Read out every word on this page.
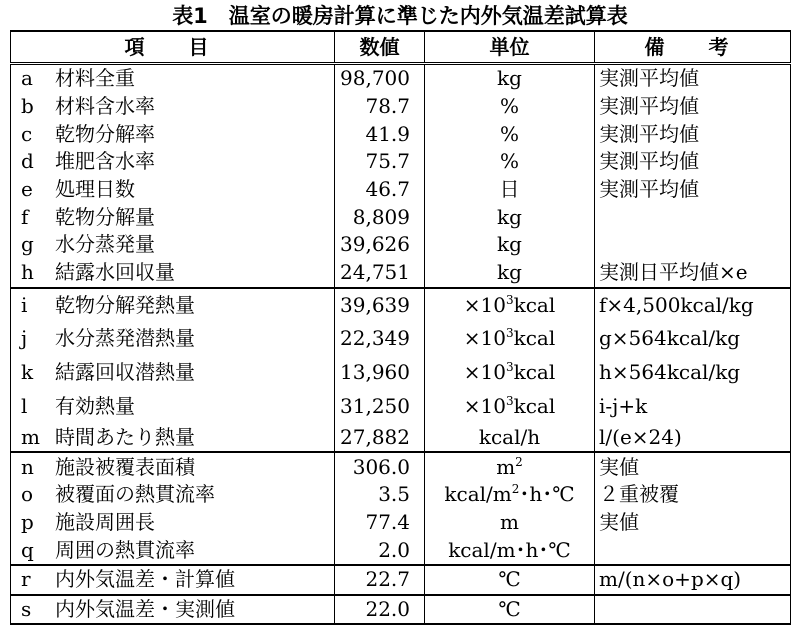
表1　温室の暖房計算に準じた内外気温差試算表
項　目	数値	単位	備　考
a 材料全重	98,700	kg	実測平均値
b 材料含水率	78.7	%	実測平均値
c 乾物分解率	41.9	%	実測平均値
d 堆肥含水率	75.7	%	実測平均値
e 処理日数	46.7	日	実測平均値
f 乾物分解量	8,809	kg	
g 水分蒸発量	39,626	kg	
h 結露水回収量	24,751	kg	実測日平均値×e
i 乾物分解発熱量	39,639	$\times 10^3kcal$	f×4,500kcal/kg
j 水分蒸発潜熱量	22,349	$\times 10^3kcal$	g×564kcal/kg
k 結露回収潜熱量	13,960	$\times 10^3kcal$	h×564kcal/kg
l 有効熱量	31,250	$\times 10^3kcal$	i-j+k
m 時間あたり熱量	27,882	kcal/h	l/(e×24)
n 施設被覆表面積	306.0	$m^2$	実値
o 被覆面の熱貫流率	3.5	kcal/$m^2$･h･℃	２重被覆
p 施設周囲長	77.4	m	実値
q 周囲の熱貫流率	2.0	kcal/m･h･℃	
r 内外気温差・計算値	22.7	℃	m/(n×o+p×q)
s 内外気温差・実測値	22.0	℃	
